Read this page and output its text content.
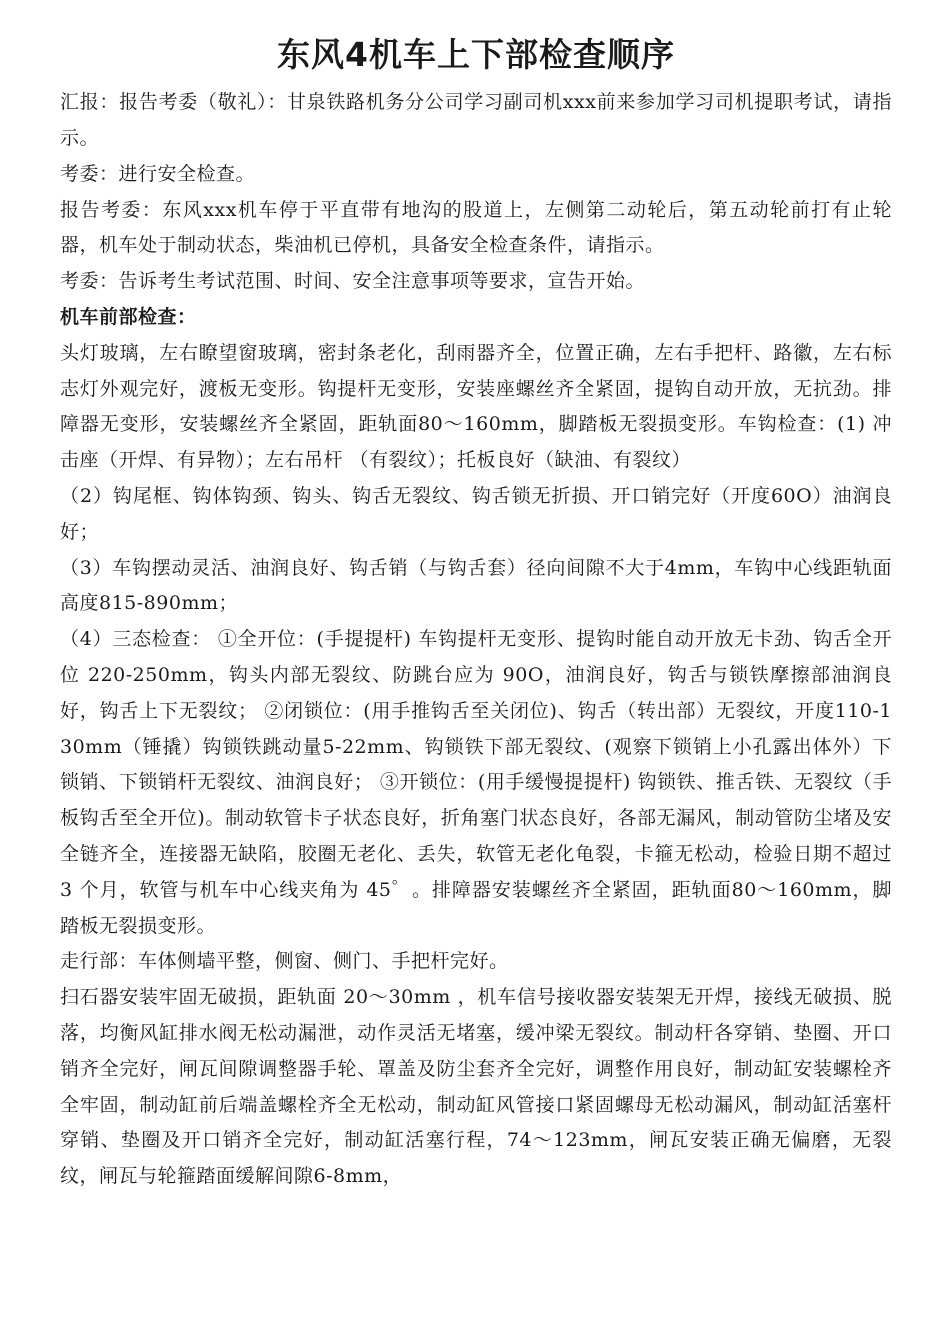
东风4机车上下部检查顺序

汇报：报告考委（敬礼）：甘泉铁路机务分公司学习副司机xxx前来参加学习司机提职考试，请指示。

考委：进行安全检查。

报告考委：东风xxx机车停于平直带有地沟的股道上，左侧第二动轮后，第五动轮前打有止轮器，机车处于制动状态，柴油机已停机，具备安全检查条件，请指示。

考委：告诉考生考试范围、时间、安全注意事项等要求，宣告开始。

机车前部检查：

头灯玻璃，左右瞭望窗玻璃，密封条老化，刮雨器齐全，位置正确，左右手把杆、路徽，左右标志灯外观完好，渡板无变形。钩提杆无变形，安装座螺丝齐全紧固，提钩自动开放，无抗劲。排障器无变形，安装螺丝齐全紧固，距轨面80～160mm，脚踏板无裂损变形。车钩检查：(1) 冲击座（开焊、有异物）；左右吊杆 （有裂纹）；托板良好（缺油、有裂纹）

（2）钩尾框、钩体钩颈、钩头、钩舌无裂纹、钩舌锁无折损、开口销完好（开度60O）油润良好；

（3）车钩摆动灵活、油润良好、钩舌销（与钩舌套）径向间隙不大于4mm，车钩中心线距轨面高度815-890mm；

（4）三态检查： ①全开位：(手提提杆) 车钩提杆无变形、提钩时能自动开放无卡劲、钩舌全开位 220-250mm，钩头内部无裂纹、防跳台应为 90O，油润良好，钩舌与锁铁摩擦部油润良好，钩舌上下无裂纹； ②闭锁位：(用手推钩舌至关闭位)、钩舌（转出部）无裂纹，开度110-130mm（锤撬）钩锁铁跳动量5-22mm、钩锁铁下部无裂纹、(观察下锁销上小孔露出体外）下锁销、下锁销杆无裂纹、油润良好； ③开锁位：(用手缓慢提提杆) 钩锁铁、推舌铁、无裂纹（手板钩舌至全开位)。制动软管卡子状态良好，折角塞门状态良好，各部无漏风，制动管防尘堵及安全链齐全，连接器无缺陷，胶圈无老化、丢失，软管无老化龟裂，卡箍无松动，检验日期不超过 3 个月，软管与机车中心线夹角为 45゜。排障器安装螺丝齐全紧固，距轨面80～160mm，脚踏板无裂损变形。

走行部：车体侧墙平整，侧窗、侧门、手把杆完好。

扫石器安装牢固无破损，距轨面 20～30mm ，机车信号接收器安装架无开焊，接线无破损、脱落，均衡风缸排水阀无松动漏泄，动作灵活无堵塞，缓冲梁无裂纹。制动杆各穿销、垫圈、开口销齐全完好，闸瓦间隙调整器手轮、罩盖及防尘套齐全完好，调整作用良好，制动缸安装螺栓齐全牢固，制动缸前后端盖螺栓齐全无松动，制动缸风管接口紧固螺母无松动漏风，制动缸活塞杆穿销、垫圈及开口销齐全完好，制动缸活塞行程，74～123mm，闸瓦安装正确无偏磨，无裂纹，闸瓦与轮箍踏面缓解间隙6-8mm，
